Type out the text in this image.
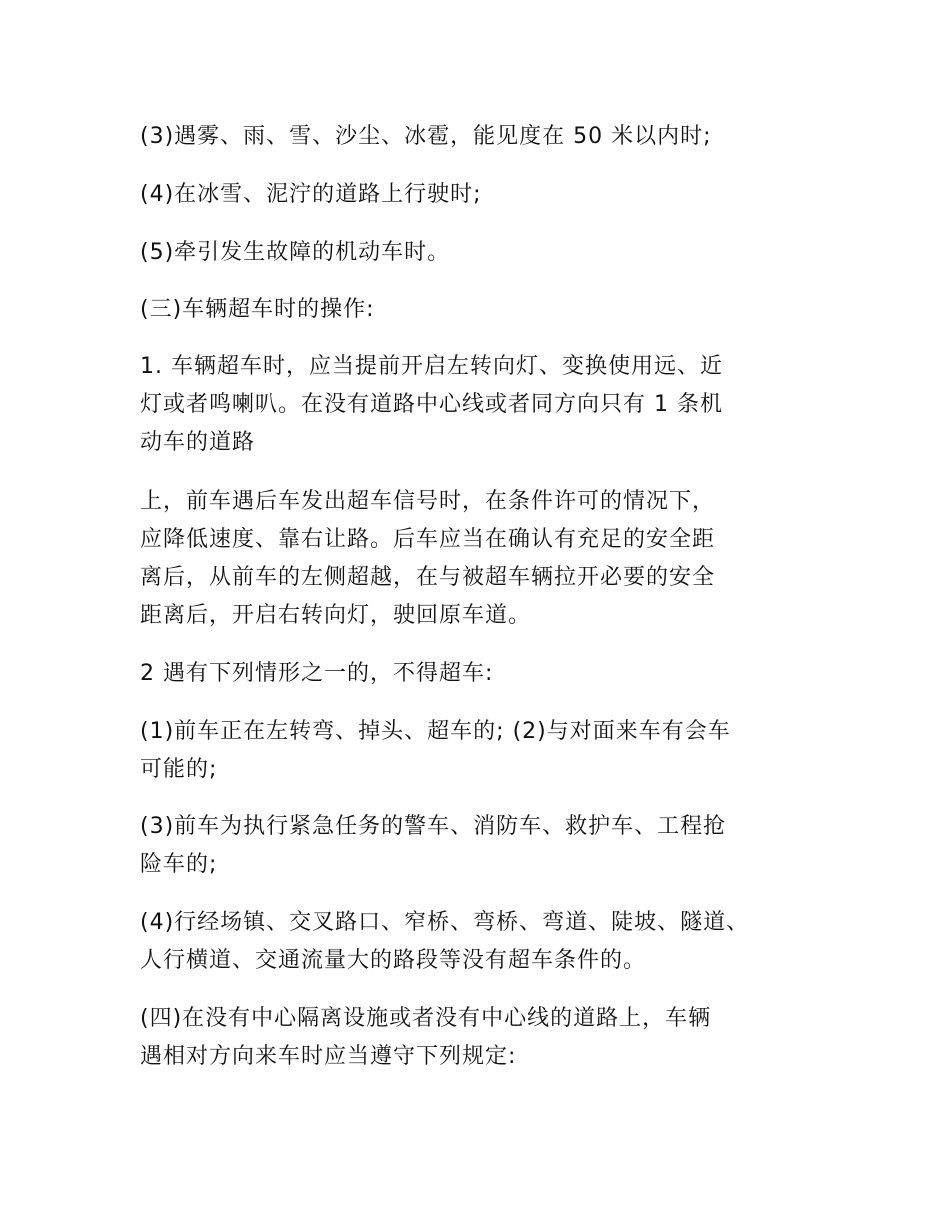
(3)遇雾、雨、雪、沙尘、冰雹，能见度在 50 米以内时;
(4)在冰雪、泥泞的道路上行驶时;
(5)牵引发生故障的机动车时。
(三)车辆超车时的操作:
1. 车辆超车时，应当提前开启左转向灯、变换使用远、近
灯或者鸣喇叭。在没有道路中心线或者同方向只有 1 条机
动车的道路
上，前车遇后车发出超车信号时，在条件许可的情况下，
应降低速度、靠右让路。后车应当在确认有充足的安全距
离后，从前车的左侧超越，在与被超车辆拉开必要的安全
距离后，开启右转向灯，驶回原车道。
2 遇有下列情形之一的，不得超车:
(1)前车正在左转弯、掉头、超车的; (2)与对面来车有会车
可能的;
(3)前车为执行紧急任务的警车、消防车、救护车、工程抢
险车的;
(4)行经场镇、交叉路口、窄桥、弯桥、弯道、陡坡、隧道、
人行横道、交通流量大的路段等没有超车条件的。
(四)在没有中心隔离设施或者没有中心线的道路上，车辆
遇相对方向来车时应当遵守下列规定:
